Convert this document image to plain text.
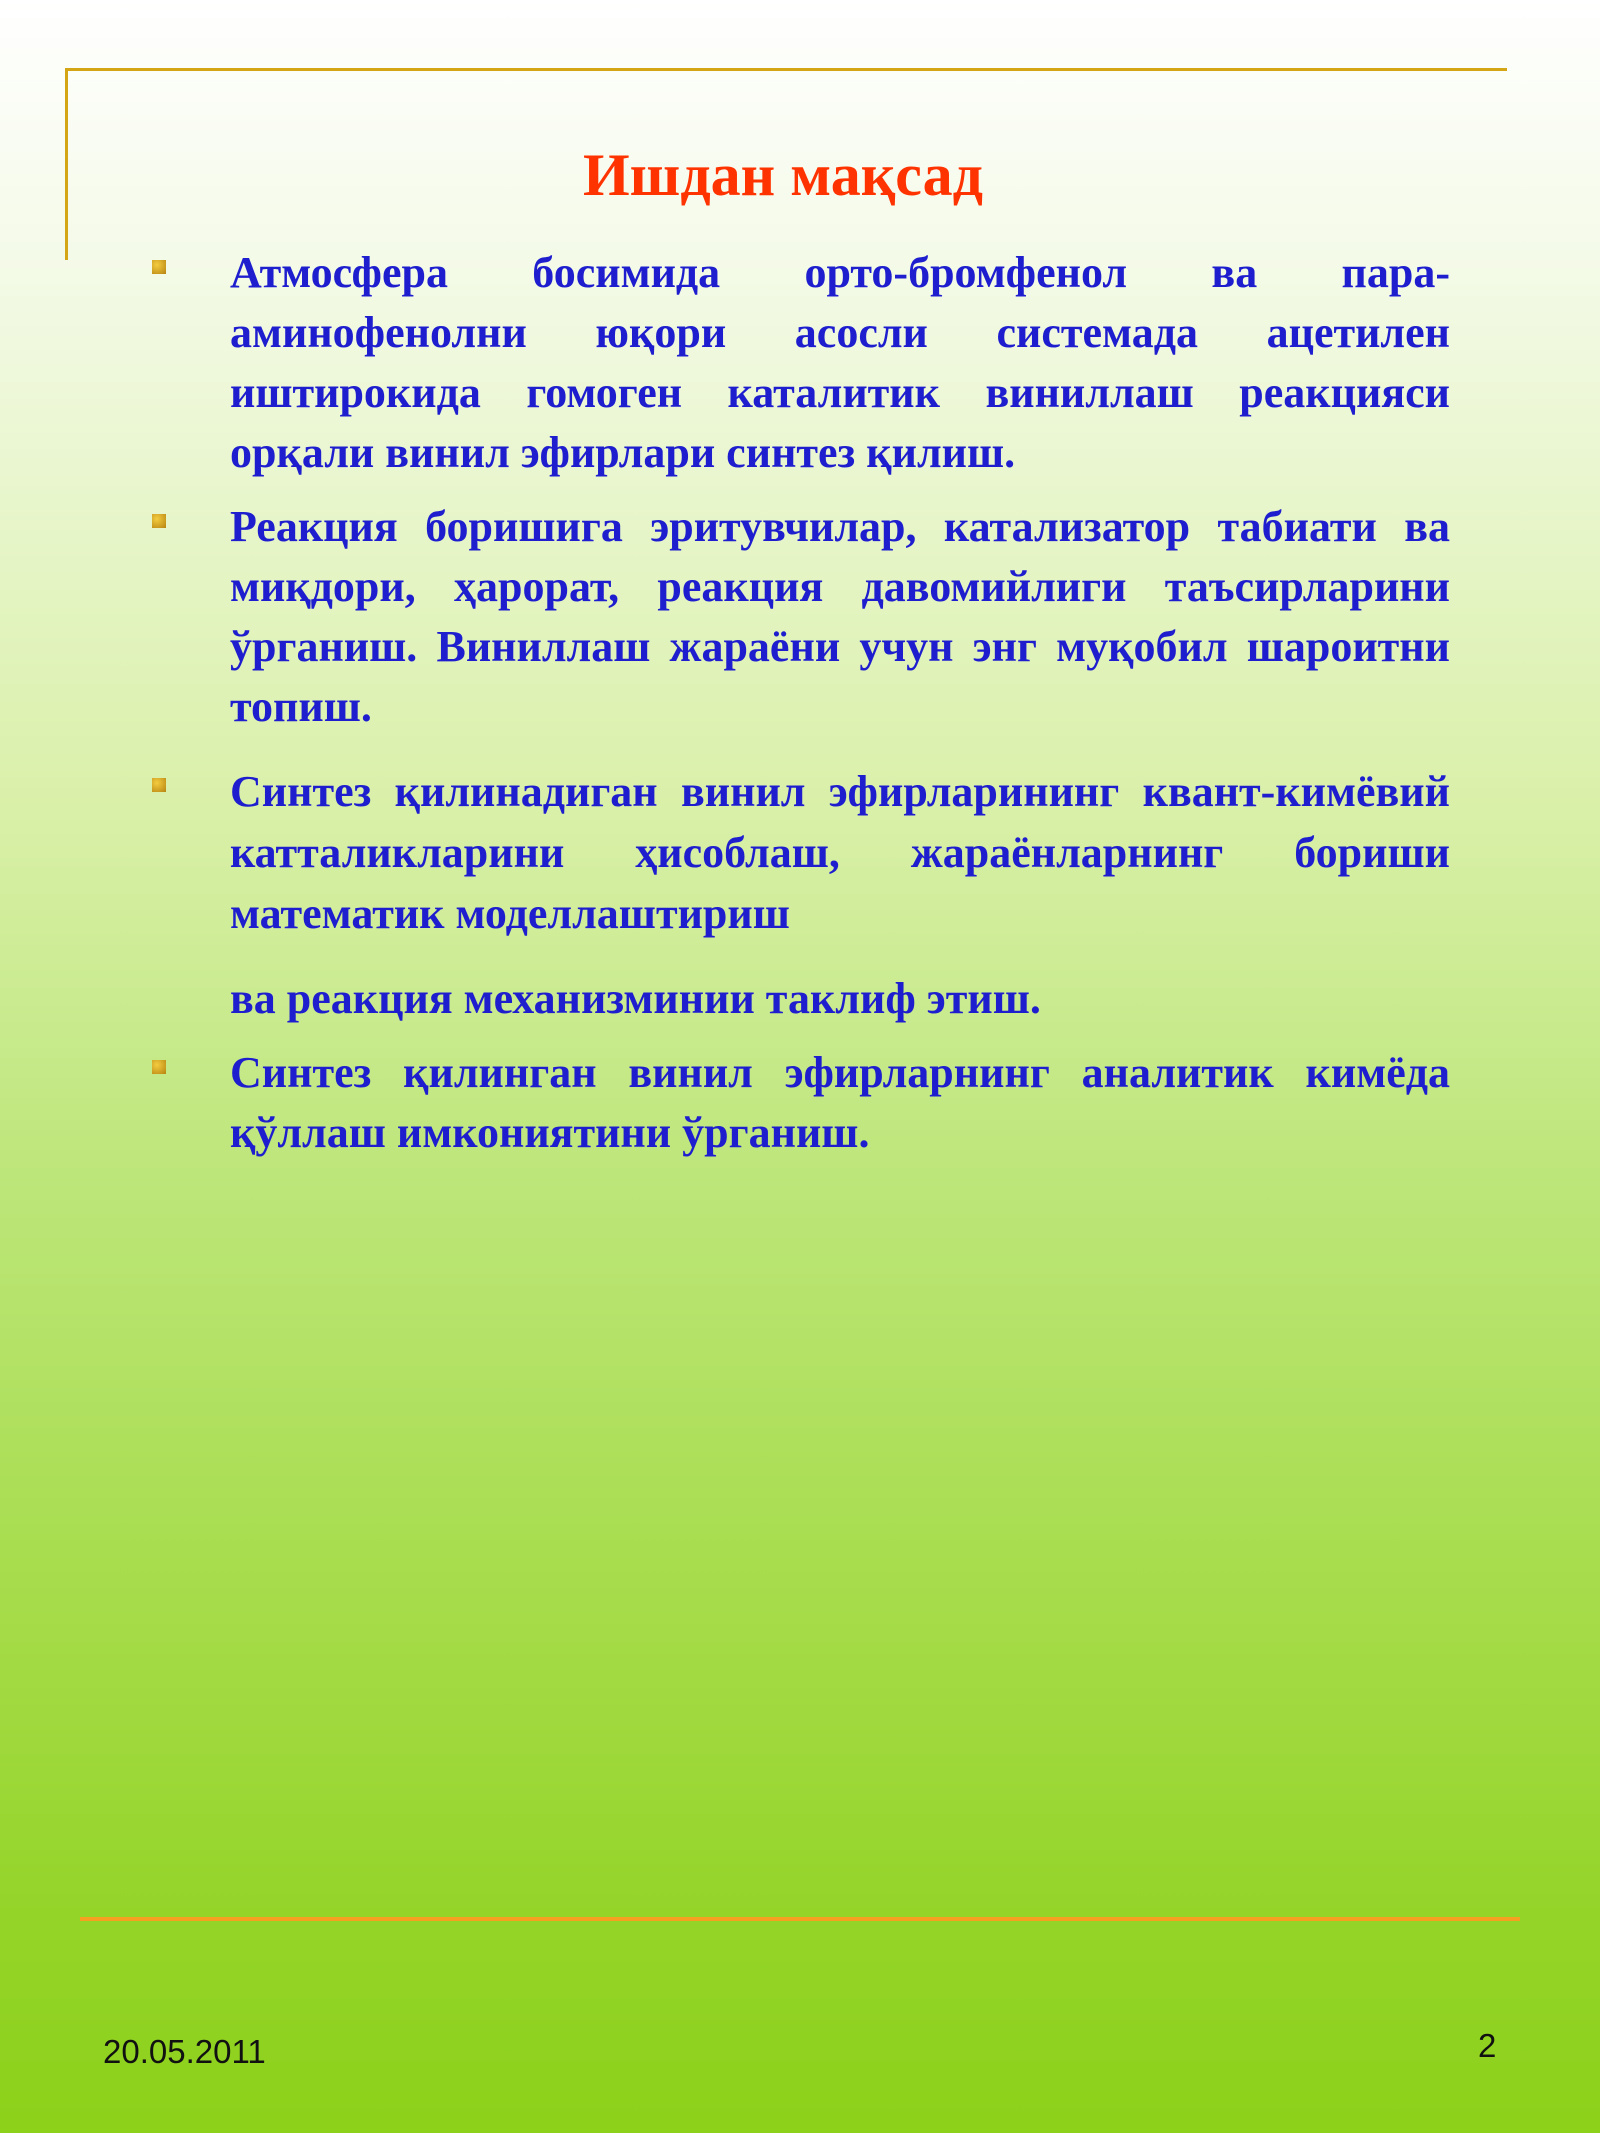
Ишдан мақсад
Атмосфера босимида орто-бромфенол ва пара-аминофенолни юқори асосли системада ацетилен иштирокида гомоген каталитик виниллаш реакцияси орқали винил эфирлари синтез қилиш.
Реакция боришига эритувчилар, катализатор табиати ва миқдори, ҳарорат, реакция давомийлиги таъсирларини ўрганиш. Виниллаш жараёни учун энг муқобил шароитни топиш.
Синтез қилинадиган винил эфирларининг квант-кимёвий катталикларини ҳисоблаш, жараёнларнинг бориши математик моделлаштириш
ва реакция механизминии таклиф этиш.
Синтез қилинган винил эфирларнинг аналитик кимёда қўллаш имкониятини ўрганиш.
20.05.2011	2
